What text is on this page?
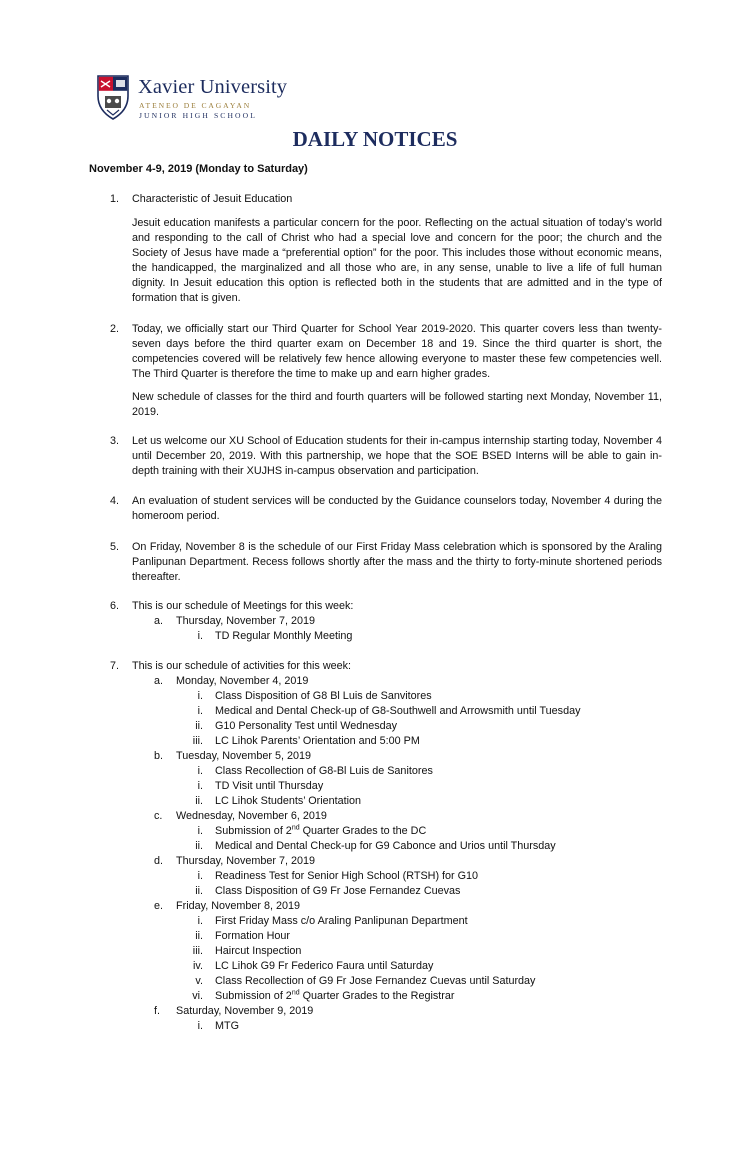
Xavier University
ATENEO DE CAGAYAN
JUNIOR HIGH SCHOOL
DAILY NOTICES
November 4-9, 2019 (Monday to Saturday)
1. Characteristic of Jesuit Education
Jesuit education manifests a particular concern for the poor. Reflecting on the actual situation of today’s world and responding to the call of Christ who had a special love and concern for the poor; the church and the Society of Jesus have made a “preferential option” for the poor. This includes those without economic means, the handicapped, the marginalized and all those who are, in any sense, unable to live a life of full human dignity. In Jesuit education this option is reflected both in the students that are admitted and in the type of formation that is given.
2. Today, we officially start our Third Quarter for School Year 2019-2020. This quarter covers less than twenty-seven days before the third quarter exam on December 18 and 19. Since the third quarter is short, the competencies covered will be relatively few hence allowing everyone to master these few competencies well. The Third Quarter is therefore the time to make up and earn higher grades.
New schedule of classes for the third and fourth quarters will be followed starting next Monday, November 11, 2019.
3. Let us welcome our XU School of Education students for their in-campus internship starting today, November 4 until December 20, 2019. With this partnership, we hope that the SOE BSED Interns will be able to gain in-depth training with their XUJHS in-campus observation and participation.
4. An evaluation of student services will be conducted by the Guidance counselors today, November 4 during the homeroom period.
5. On Friday, November 8 is the schedule of our First Friday Mass celebration which is sponsored by the Araling Panlipunan Department. Recess follows shortly after the mass and the thirty to forty-minute shortened periods thereafter.
6. This is our schedule of Meetings for this week:
a. Thursday, November 7, 2019
i. TD Regular Monthly Meeting
7. This is our schedule of activities for this week:
a. Monday, November 4, 2019
i. Class Disposition of G8 Bl Luis de Sanvitores
i. Medical and Dental Check-up of G8-Southwell and Arrowsmith until Tuesday
ii. G10 Personality Test until Wednesday
iii. LC Lihok Parents’ Orientation and 5:00 PM
b. Tuesday, November 5, 2019
i. Class Recollection of G8-Bl Luis de Sanitores
i. TD Visit until Thursday
ii. LC Lihok Students’ Orientation
c. Wednesday, November 6, 2019
i. Submission of 2nd Quarter Grades to the DC
ii. Medical and Dental Check-up for G9 Cabonce and Urios until Thursday
d. Thursday, November 7, 2019
i. Readiness Test for Senior High School (RTSH) for G10
ii. Class Disposition of G9 Fr Jose Fernandez Cuevas
e. Friday, November 8, 2019
i. First Friday Mass c/o Araling Panlipunan Department
ii. Formation Hour
iii. Haircut Inspection
iv. LC Lihok G9 Fr Federico Faura until Saturday
v. Class Recollection of G9 Fr Jose Fernandez Cuevas until Saturday
vi. Submission of 2nd Quarter Grades to the Registrar
f. Saturday, November 9, 2019
i. MTG
